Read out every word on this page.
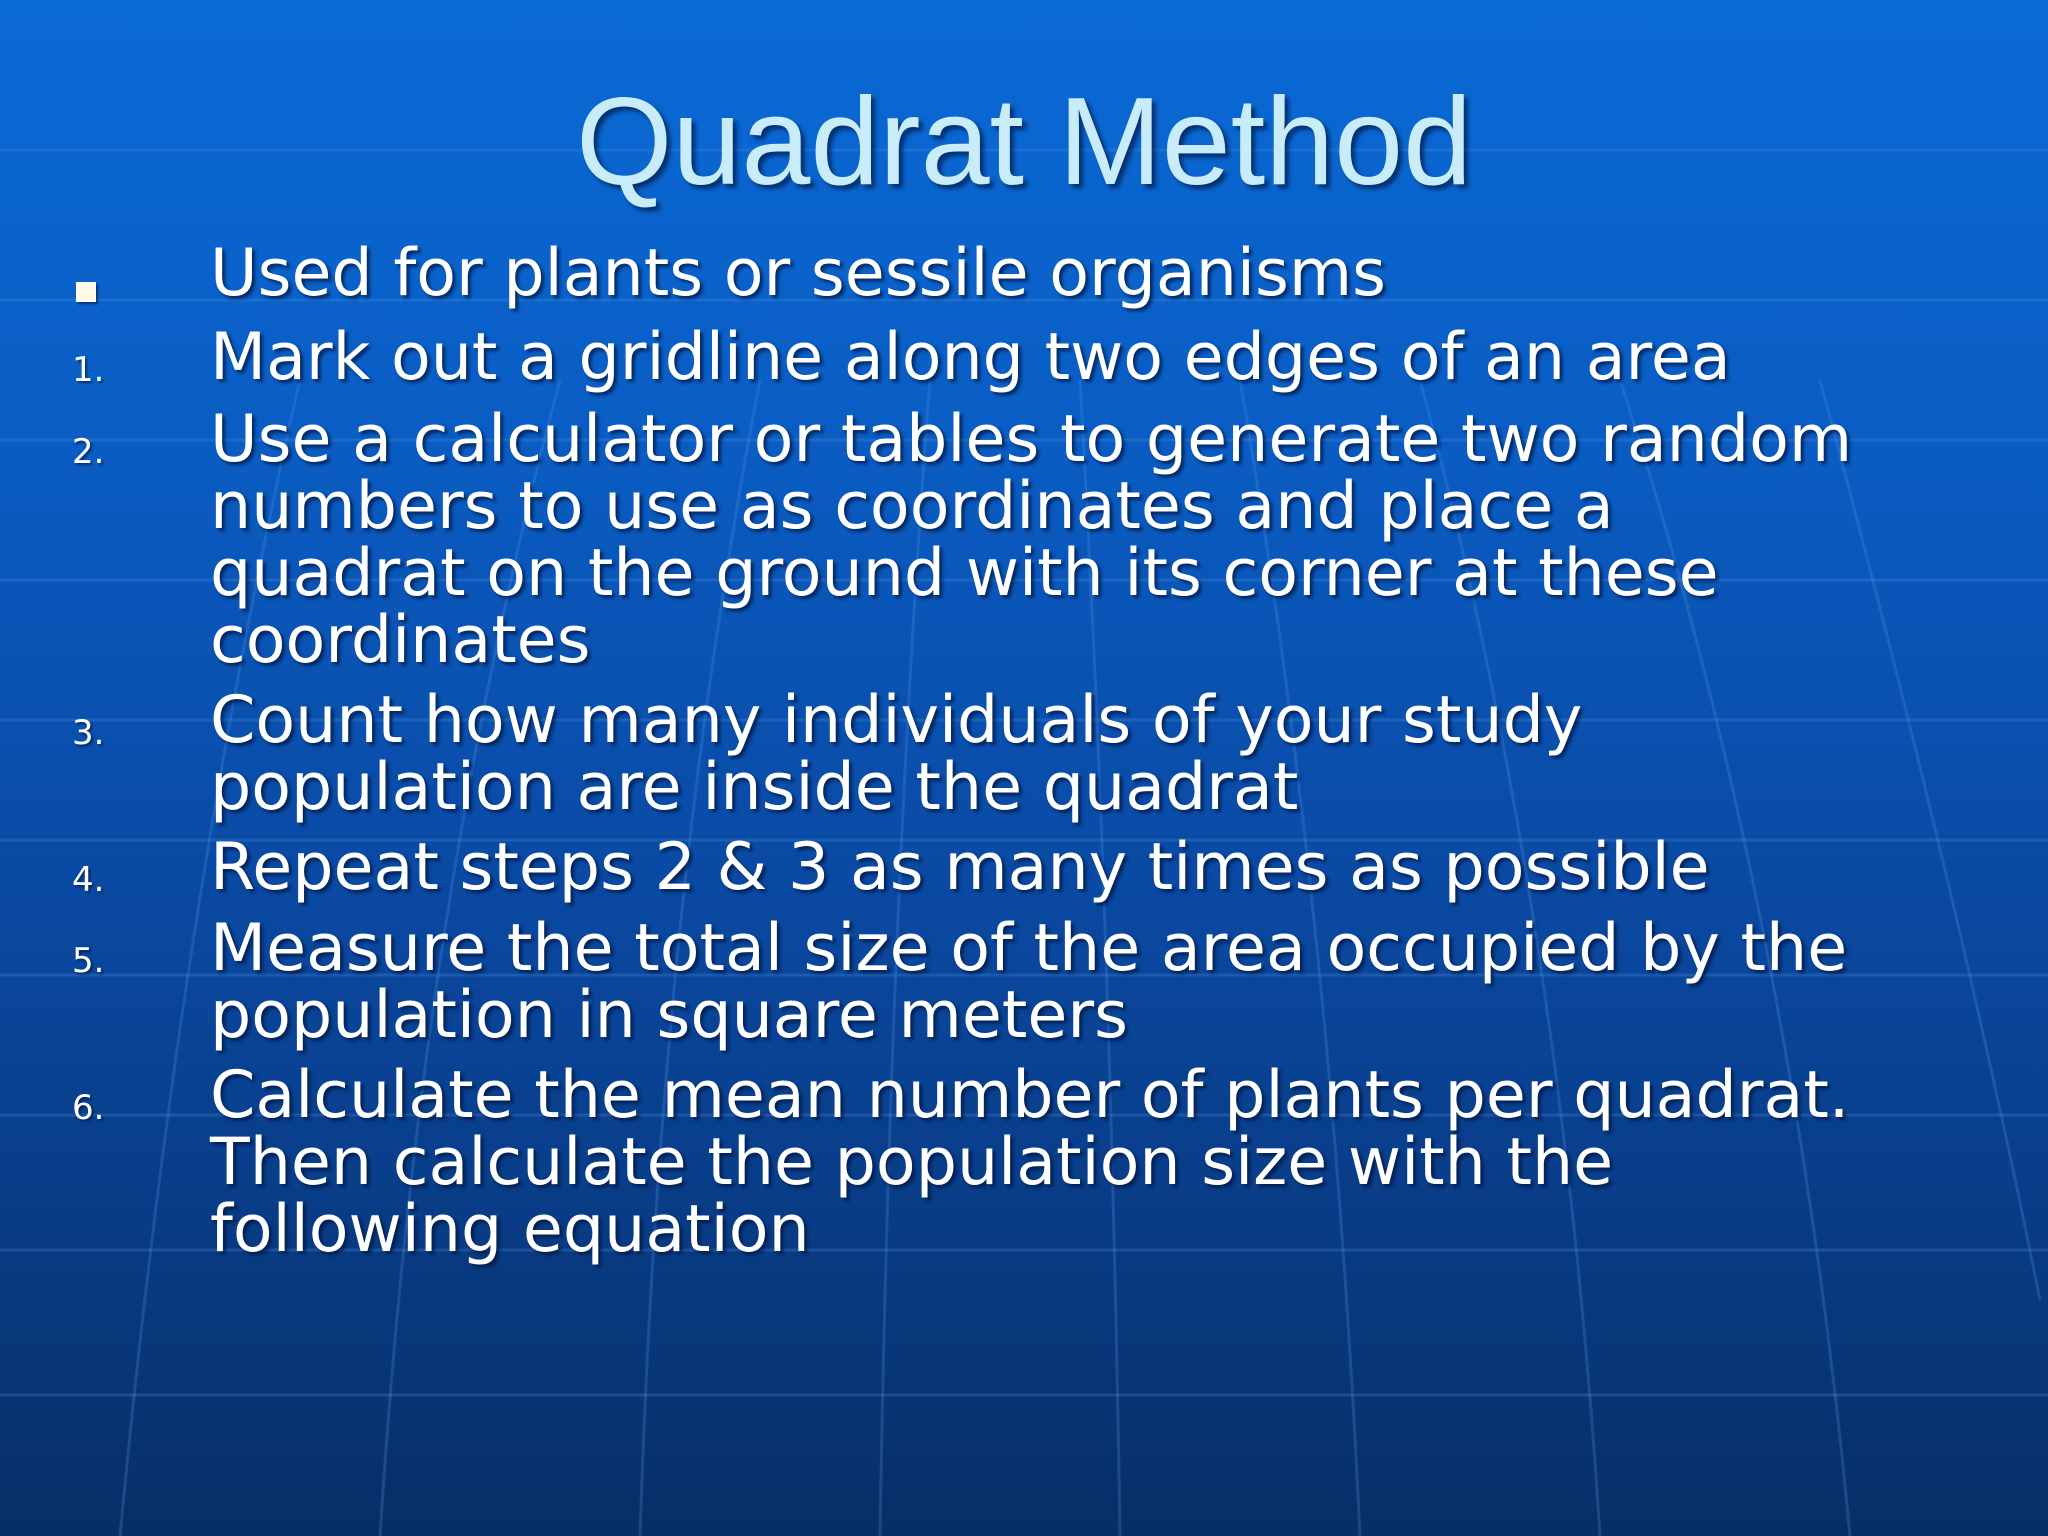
Quadrat Method
Used for plants or sessile organisms
1. Mark out a gridline along two edges of an area
2. Use a calculator or tables to generate two random
numbers to use as coordinates and place a
quadrat on the ground with its corner at these
coordinates
3. Count how many individuals of your study
population are inside the quadrat
4. Repeat steps 2 & 3 as many times as possible
5. Measure the total size of the area occupied by the
population in square meters
6. Calculate the mean number of plants per quadrat.
Then calculate the population size with the
following equation
